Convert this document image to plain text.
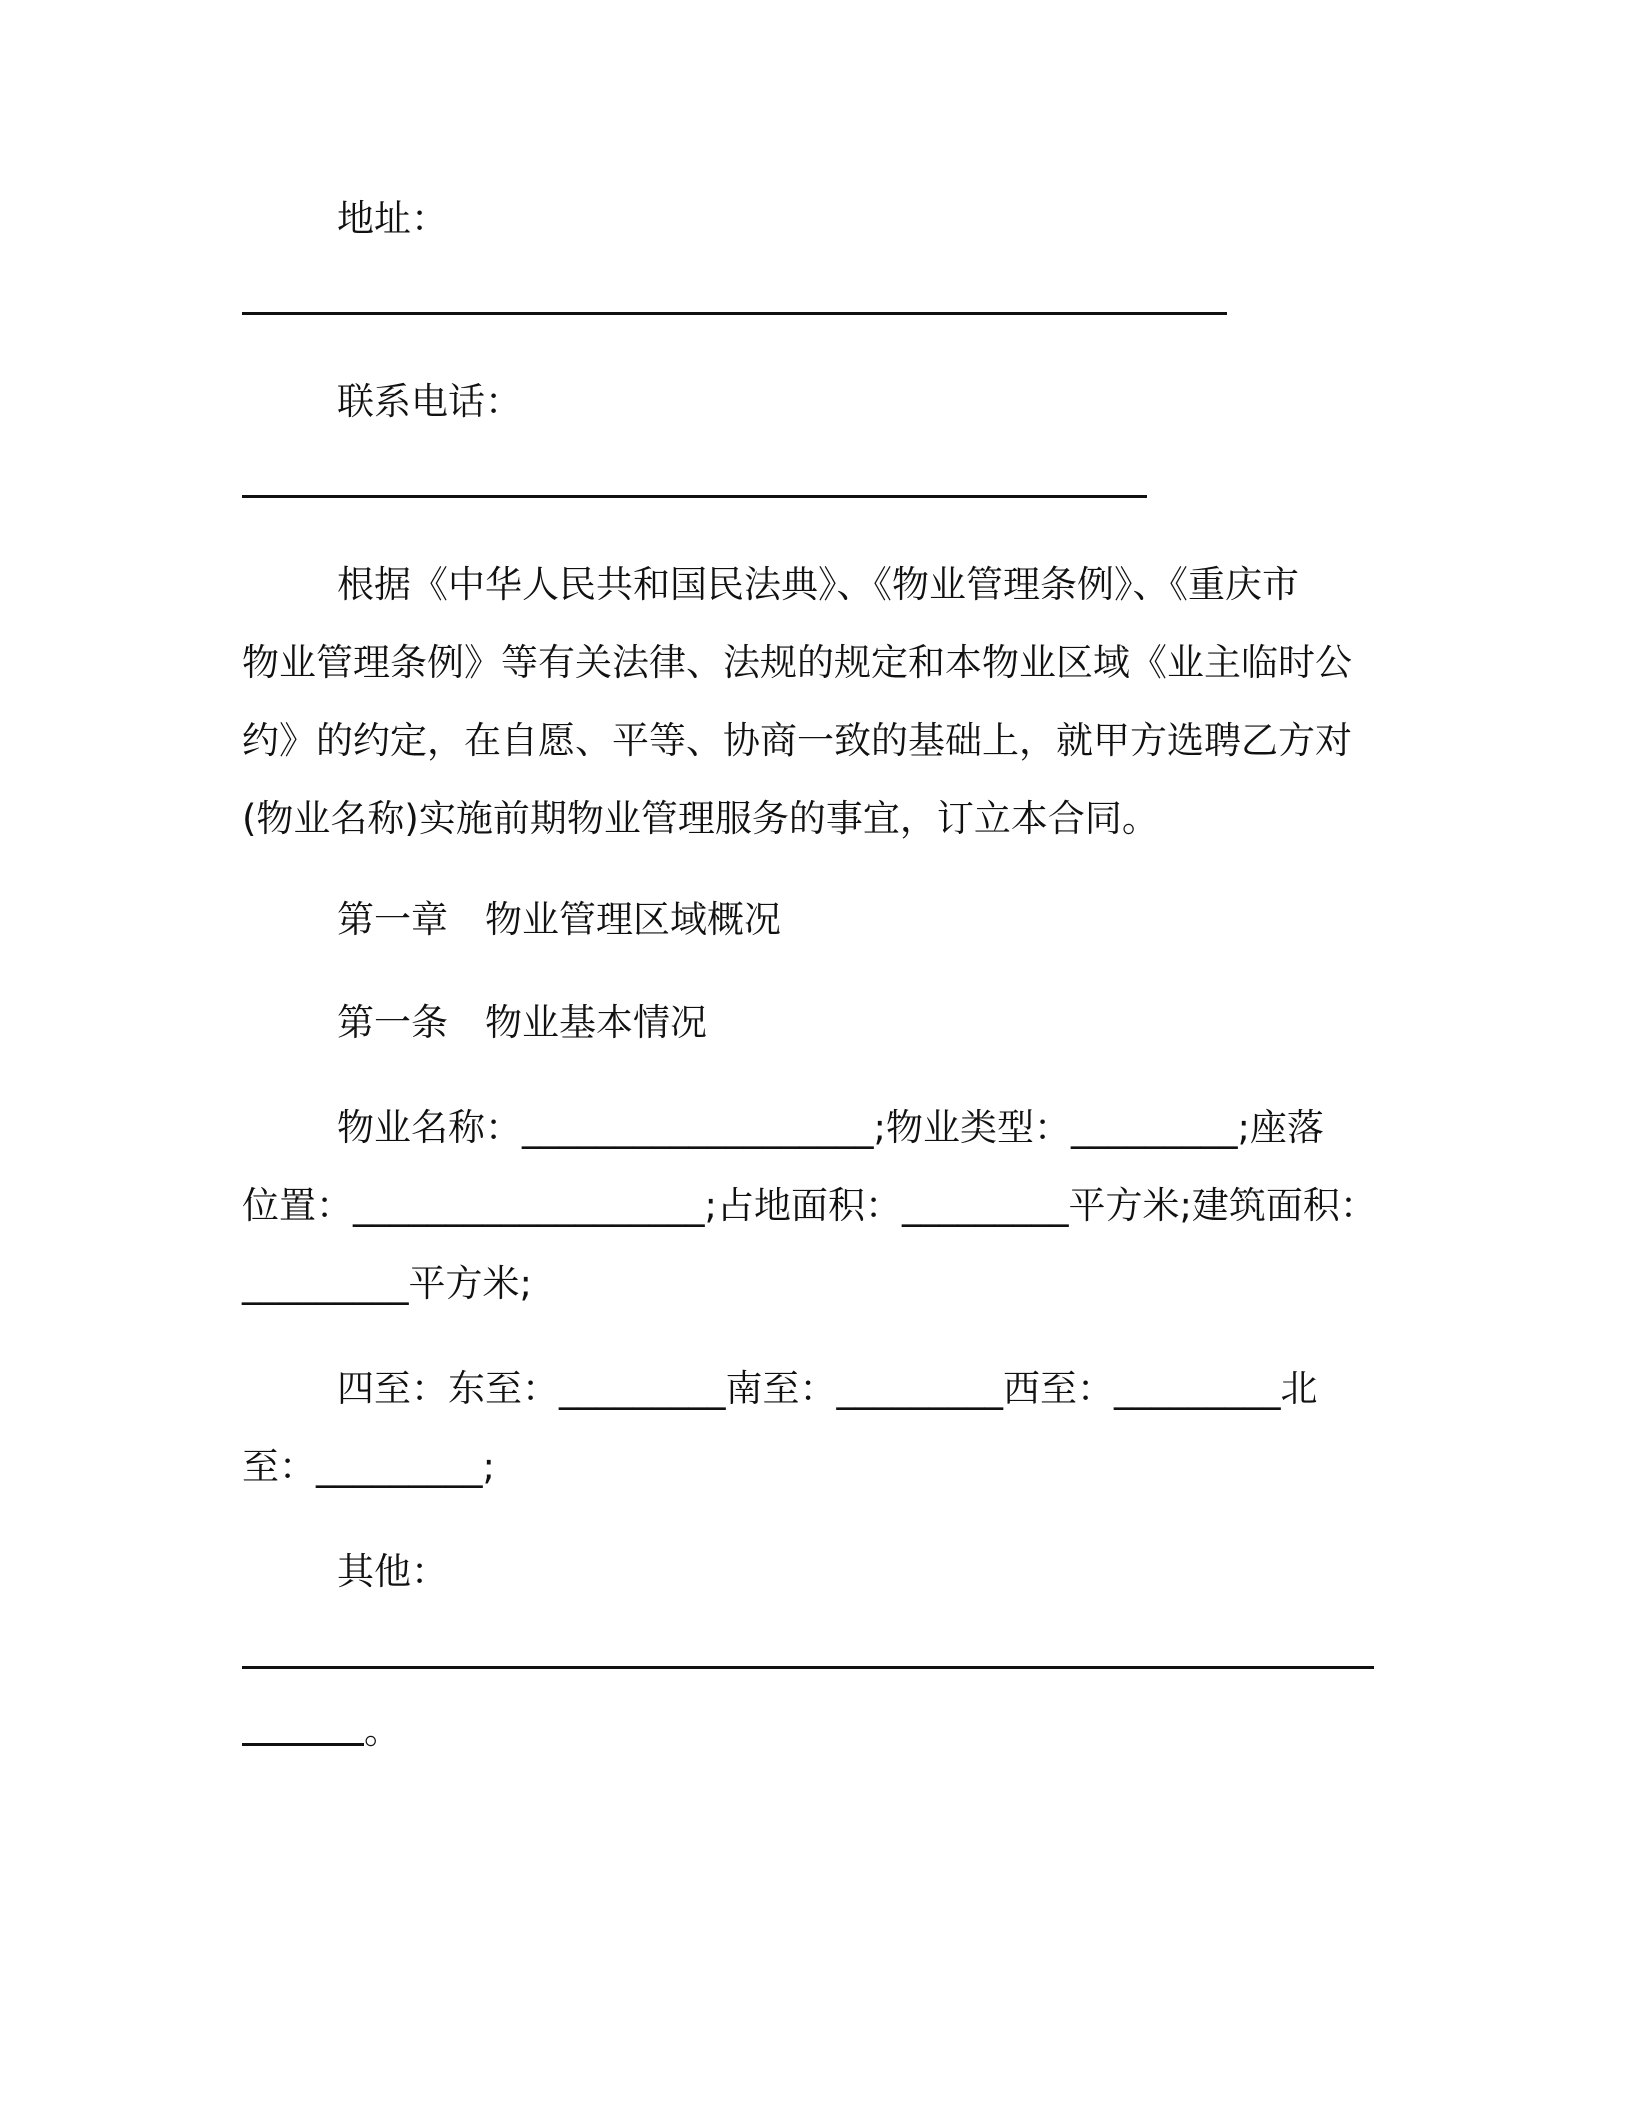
地址：
联系电话：
根据《中华人民共和国民法典》、《物业管理条例》、《重庆市
物业管理条例》等有关法律、法规的规定和本物业区域《业主临时公
约》的约定，在自愿、平等、协商一致的基础上，就甲方选聘乙方对
(物业名称)实施前期物业管理服务的事宜，订立本合同。
第一章　物业管理区域概况
第一条　物业基本情况
物业名称：___________________;物业类型：_________;座落
位置：___________________;占地面积：_________平方米;建筑面积：
_________平方米;
四至：东至：_________南至：_________西至：_________北
至：_________;
其他：
。
